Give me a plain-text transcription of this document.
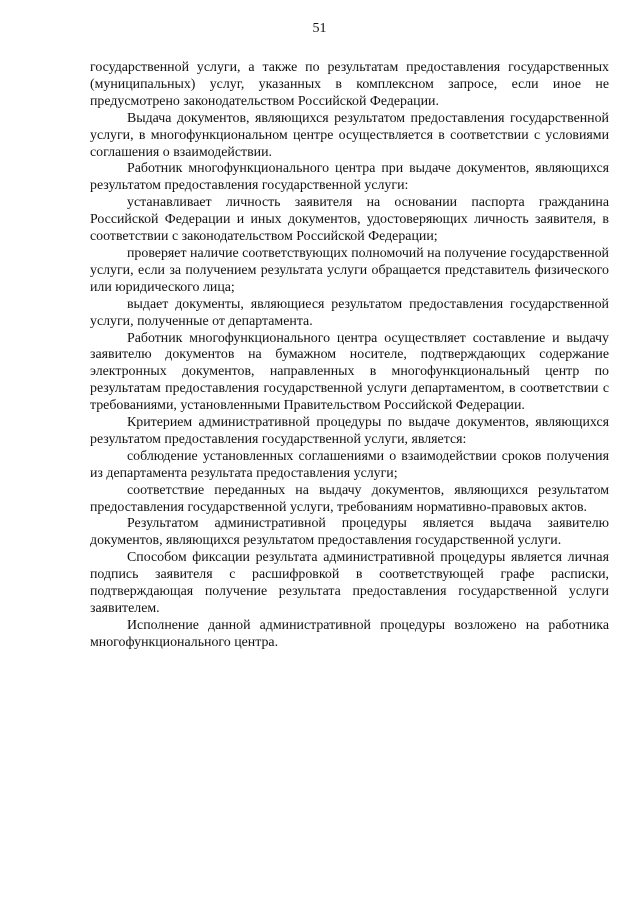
51

государственной услуги, а также по результатам предоставления государственных (муниципальных) услуг, указанных в комплексном запросе, если иное не предусмотрено законодательством Российской Федерации.

Выдача документов, являющихся результатом предоставления государственной услуги, в многофункциональном центре осуществляется в соответствии с условиями соглашения о взаимодействии.

Работник многофункционального центра при выдаче документов, являющихся результатом предоставления государственной услуги:

устанавливает личность заявителя на основании паспорта гражданина Российской Федерации и иных документов, удостоверяющих личность заявителя, в соответствии с законодательством Российской Федерации;

проверяет наличие соответствующих полномочий на получение государственной услуги, если за получением результата услуги обращается представитель физического или юридического лица;

выдает документы, являющиеся результатом предоставления государственной услуги, полученные от департамента.

Работник многофункционального центра осуществляет составление и выдачу заявителю документов на бумажном носителе, подтверждающих содержание электронных документов, направленных в многофункциональный центр по результатам предоставления государственной услуги департаментом, в соответствии с требованиями, установленными Правительством Российской Федерации.

Критерием административной процедуры по выдаче документов, являющихся результатом предоставления государственной услуги, является:

соблюдение установленных соглашениями о взаимодействии сроков получения из департамента результата предоставления услуги;

соответствие переданных на выдачу документов, являющихся результатом предоставления государственной услуги, требованиям нормативно-правовых актов.

Результатом административной процедуры является выдача заявителю документов, являющихся результатом предоставления государственной услуги.

Способом фиксации результата административной процедуры является личная подпись заявителя с расшифровкой в соответствующей графе расписки, подтверждающая получение результата предоставления государственной услуги заявителем.

Исполнение данной административной процедуры возложено на работника многофункционального центра.
